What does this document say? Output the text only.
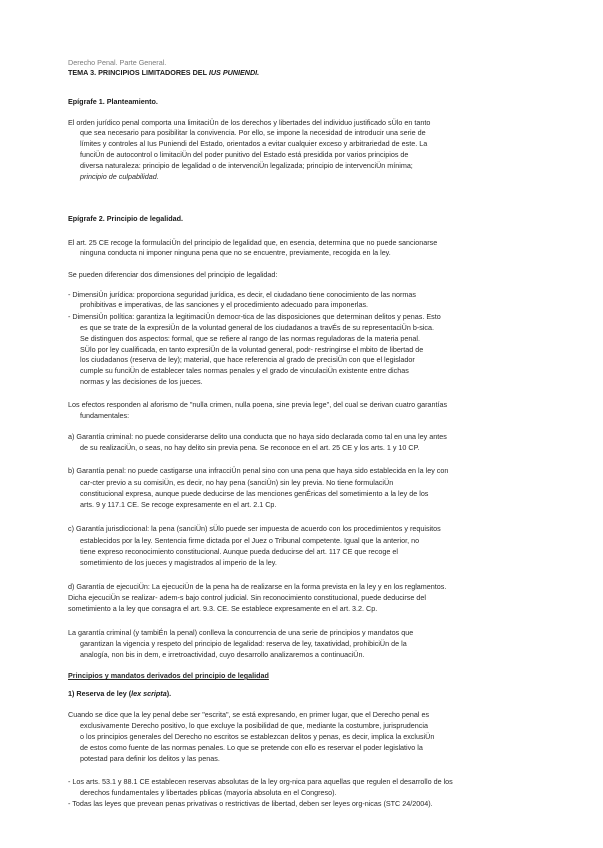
Derecho Penal. Parte General.
TEMA 3. PRINCIPIOS LIMITADORES DEL IUS PUNIENDI.
Epígrafe 1. Planteamiento.
El orden jurídico penal comporta una limitaciÜn de los derechos y libertades del individuo justificado sÜlo en tanto
que sea necesario para posibilitar la convivencia. Por ello, se impone la necesidad de introducir una serie de
límites y controles al Ius Puniendi del Estado, orientados a evitar cualquier exceso y arbitrariedad de este. La
funciÜn de autocontrol o limitaciÜn del poder punitivo del Estado está presidida por varios principios de
diversa naturaleza: principio de legalidad o de intervenciÜn legalizada; principio de intervenciÜn mínima;
principio de culpabilidad.
Epígrafe 2. Principio de legalidad.
El art. 25 CE recoge la formulaciÜn del principio de legalidad que, en esencia, determina que no puede sancionarse
ninguna conducta ni imponer ninguna pena que no se encuentre, previamente, recogida en la ley.
Se pueden diferenciar dos dimensiones del principio de legalidad:
- DimensiÜn jurídica: proporciona seguridad jurídica, es decir, el ciudadano tiene conocimiento de las normas
prohibitivas e imperativas, de las sanciones y el procedimiento adecuado para imponerlas.
- DimensiÜn política: garantiza la legitimaciÜn democr-tica de las disposiciones que determinan delitos y penas. Esto
es que se trate de la expresiÜn de la voluntad general de los ciudadanos a travÉs de su representaciÜn b-sica.
Se distinguen dos aspectos: formal, que se refiere al rango de las normas reguladoras de la materia penal.
SÜlo por ley cualificada, en tanto expresiÜn de la voluntad general, podr- restringirse el mbito de libertad de
los ciudadanos (reserva de ley); material, que hace referencia al grado de precisiÜn con que el legislador
cumple su funciÜn de establecer tales normas penales y el grado de vinculaciÜn existente entre dichas
normas y las decisiones de los jueces.
Los efectos responden al aforismo de "nulla crimen, nulla poena, sine previa lege", del cual se derivan cuatro garantías
fundamentales:
a) Garantía criminal: no puede considerarse delito una conducta que no haya sido declarada como tal en una ley antes
de su realizaciÜn, o seas, no hay delito sin previa pena. Se reconoce en el art. 25 CE y los arts. 1 y 10 CP.
b) Garantía penal: no puede castigarse una infracciÜn penal sino con una pena que haya sido establecida en la ley con
car-cter previo a su comisiÜn, es decir, no hay pena (sanciÜn) sin ley previa. No tiene formulaciÜn
constitucional expresa, aunque puede deducirse de las menciones genÉricas del sometimiento a la ley de los
arts. 9 y 117.1 CE. Se recoge expresamente en el art. 2.1 Cp.
c) Garantía jurisdiccional: la pena (sanciÜn) sÜlo puede ser impuesta de acuerdo con los procedimientos y requisitos
establecidos por la ley. Sentencia firme dictada por el Juez o Tribunal competente. Igual que la anterior, no
tiene expreso reconocimiento constitucional. Aunque pueda deducirse del art. 117 CE que recoge el
sometimiento de los jueces y magistrados al imperio de la ley.
d) Garantía de ejecuciÜn: La ejecuciÜn de la pena ha de realizarse en la forma prevista en la ley y en los reglamentos.
Dicha ejecuciÜn se realizar- adem-s bajo control judicial. Sin reconocimiento constitucional, puede deducirse del
sometimiento a la ley que consagra el art. 9.3. CE. Se establece expresamente en el art. 3.2. Cp.
La garantía criminal (y tambiÉn la penal) conlleva la concurrencia de una serie de principios y mandatos que
garantizan la vigencia y respeto del principio de legalidad: reserva de ley, taxatividad, prohibiciÜn de la
analogía, non bis in dem, e irretroactividad, cuyo desarrollo analizaremos a continuaciÜn.
Principios y mandatos derivados del principio de legalidad
1) Reserva de ley (lex scripta).
Cuando se dice que la ley penal debe ser "escrita", se está expresando, en primer lugar, que el Derecho penal es
exclusivamente Derecho positivo, lo que excluye la posibilidad de que, mediante la costumbre, jurisprudencia
o los principios generales del Derecho no escritos se establezcan delitos y penas, es decir, implica la exclusiÜn
de estos como fuente de las normas penales. Lo que se pretende con ello es reservar el poder legislativo la
potestad para definir los delitos y las penas.
- Los arts. 53.1 y 88.1 CE establecen reservas absolutas de la ley org-nica para aquellas que regulen el desarrollo de los
derechos fundamentales y libertades pblicas (mayoría absoluta en el Congreso).
- Todas las leyes que prevean penas privativas o restrictivas de libertad, deben ser leyes org-nicas (STC 24/2004).
